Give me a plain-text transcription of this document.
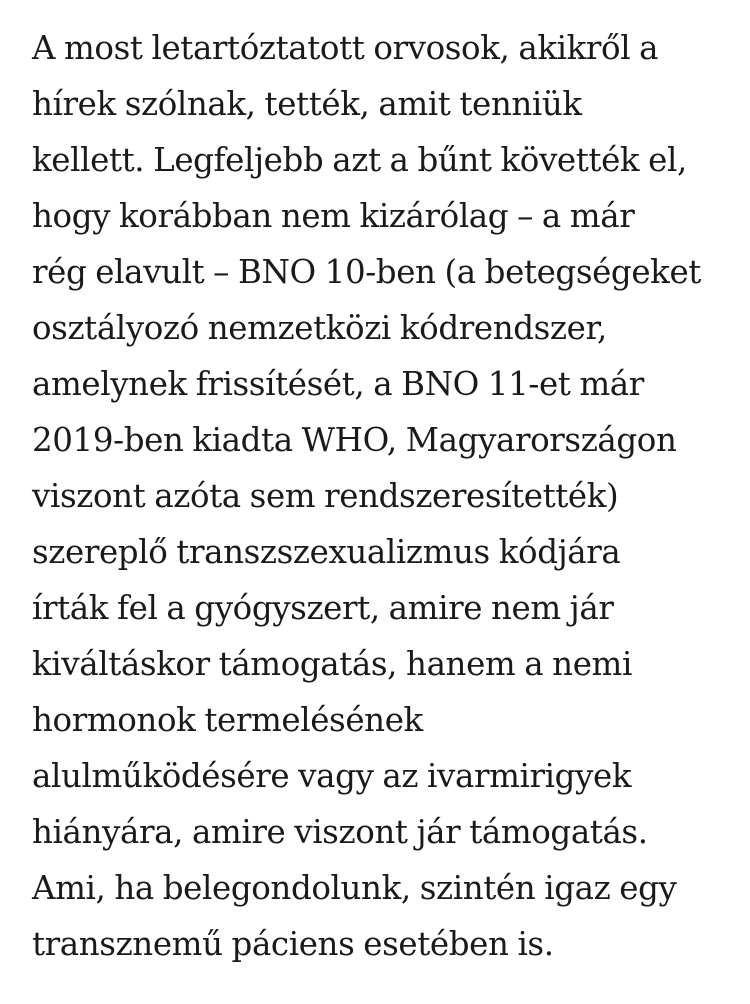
A most letartóztatott orvosok, akikről a
hírek szólnak, tették, amit tenniük
kellett. Legfeljebb azt a bűnt követték el,
hogy korábban nem kizárólag – a már
rég elavult – BNO 10-ben (a betegségeket
osztályozó nemzetközi kódrendszer,
amelynek frissítését, a BNO 11-et már
2019-ben kiadta WHO, Magyarországon
viszont azóta sem rendszeresítették)
szereplő transzszexualizmus kódjára
írták fel a gyógyszert, amire nem jár
kiváltáskor támogatás, hanem a nemi
hormonok termelésének
alulműködésére vagy az ivarmirigyek
hiányára, amire viszont jár támogatás.
Ami, ha belegondolunk, szintén igaz egy
transznemű páciens esetében is.
